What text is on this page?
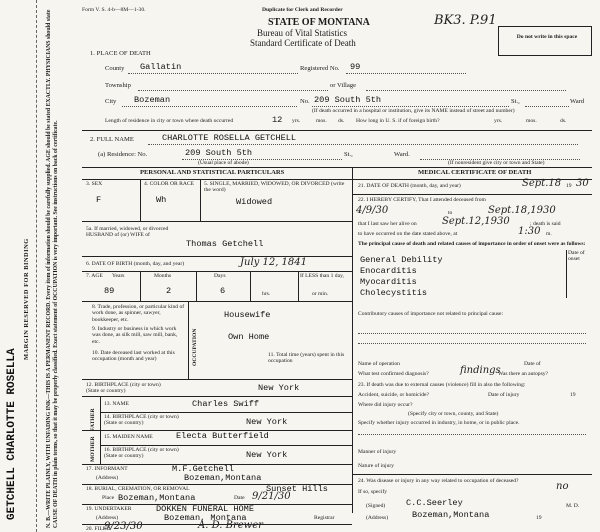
N. B.—WRITE PLAINLY, WITH UNFADING INK—THIS IS A PERMANENT RECORD. Every item of information should be carefully supplied. AGE should be stated EXACTLY. PHYSICIANS should state CAUSE OF DEATH in plain terms, so that it may be properly classified. Exact statement of OCCUPATION is very important. See instructions on back of certificate.
MARGIN RESERVED FOR BINDING
GETCHELL CHARLOTTE ROSELLA
Form V. S. 4-b—8M—1-30.	Duplicate for Clerk and Recorder
STATE OF MONTANA
Bureau of Vital Statistics
Standard Certificate of Death
BK3. P.91
Do not write in this space
1. PLACE OF DEATH
County Gallatin	Registered No. 99
Township	or Village
City Bozeman	No. 209 South 5th	St.,	Ward
(If death occurred in a hospital or institution, give its NAME instead of street and number)
Length of residence in city or town where death occurred	12 yrs.	mos. ds. How long in U. S. if of foreign birth?	yrs.	mos.	ds.
2. FULL NAME	CHARLOTTE ROSELLA GETCHELL
(a) Residence: No.	209 South 5th	St.,	Ward.
(Usual place of abode)	(If nonresident give city or town and State)
PERSONAL AND STATISTICAL PARTICULARS	MEDICAL CERTIFICATE OF DEATH
3. SEX
F
4. COLOR OR RACE
Wh
5. SINGLE, MARRIED, WIDOWED, OR DIVORCED (write the word)
Widowed
5a. If married, widowed, or divorced HUSBAND of (or) WIFE of
Thomas Getchell
6. DATE OF BIRTH (month, day, and year)	July 12, 1841
7. AGE Years	Months	Days	If LESS than 1 day,
hrs.	or min.
89	2	6
OCCUPATION
8. Trade, profession, or particular kind of work done, as spinner, sawyer, bookkeeper, etc.	Housewife
9. Industry or business in which work was done, as silk mill, saw mill, bank, etc.	Own Home
10. Date deceased last worked at this occupation (month and year)
11. Total time (years) spent in this occupation
12. BIRTHPLACE (city or town) (State or country)	New York
FATHER
MOTHER
13. NAME	Charles Swiff
14. BIRTHPLACE (city or town) (State or country)	New York
15. MAIDEN NAME	Electa Butterfield
16. BIRTHPLACE (city or town) (State or country)	New York
17. INFORMANT	M.F.Getchell
(Address)	Bozeman,Montana
18. BURIAL, CREMATION, OR REMOVAL	Sunset Hills
Place Bozeman,Montana	Date 9/21/30
19. UNDERTAKER	DOKKEN FUNERAL HOME
(Address)	Bozeman, Montana
20. FILED
9/23/30	A. D. Brewer
Registrar
21. DATE OF DEATH (month, day, and year)	Sept.18 19 30
22. I HEREBY CERTIFY, That I attended deceased from
4/9/30	to	Sept.18,1930
that I last saw her alive on	Sept.12,1930	; death is said
to have occurred on the date stated above, at	1:30 m.
The principal cause of death and related causes of importance in order of onset were as follows:
Date of onset
General Debility
Enocarditis
Myocarditis
Cholecystitis
Contributory causes of importance not related to principal cause:
Name of operation	Date of
What test confirmed diagnosis?	findings
Was there an autopsy?
23. If death was due to external causes (violence) fill in also the following:
Accident, suicide, or homicide?	Date of injury	19
Where did injury occur?
(Specify city or town, county, and State)
Specify whether injury occurred in industry, in home, or in public place.
Manner of injury
Nature of injury
24. Was disease or injury in any way related to occupation of deceased?	no
If so, specify
(Signed) C.C.Seerley	M. D.
(Address)	Bozeman,Montana	19
